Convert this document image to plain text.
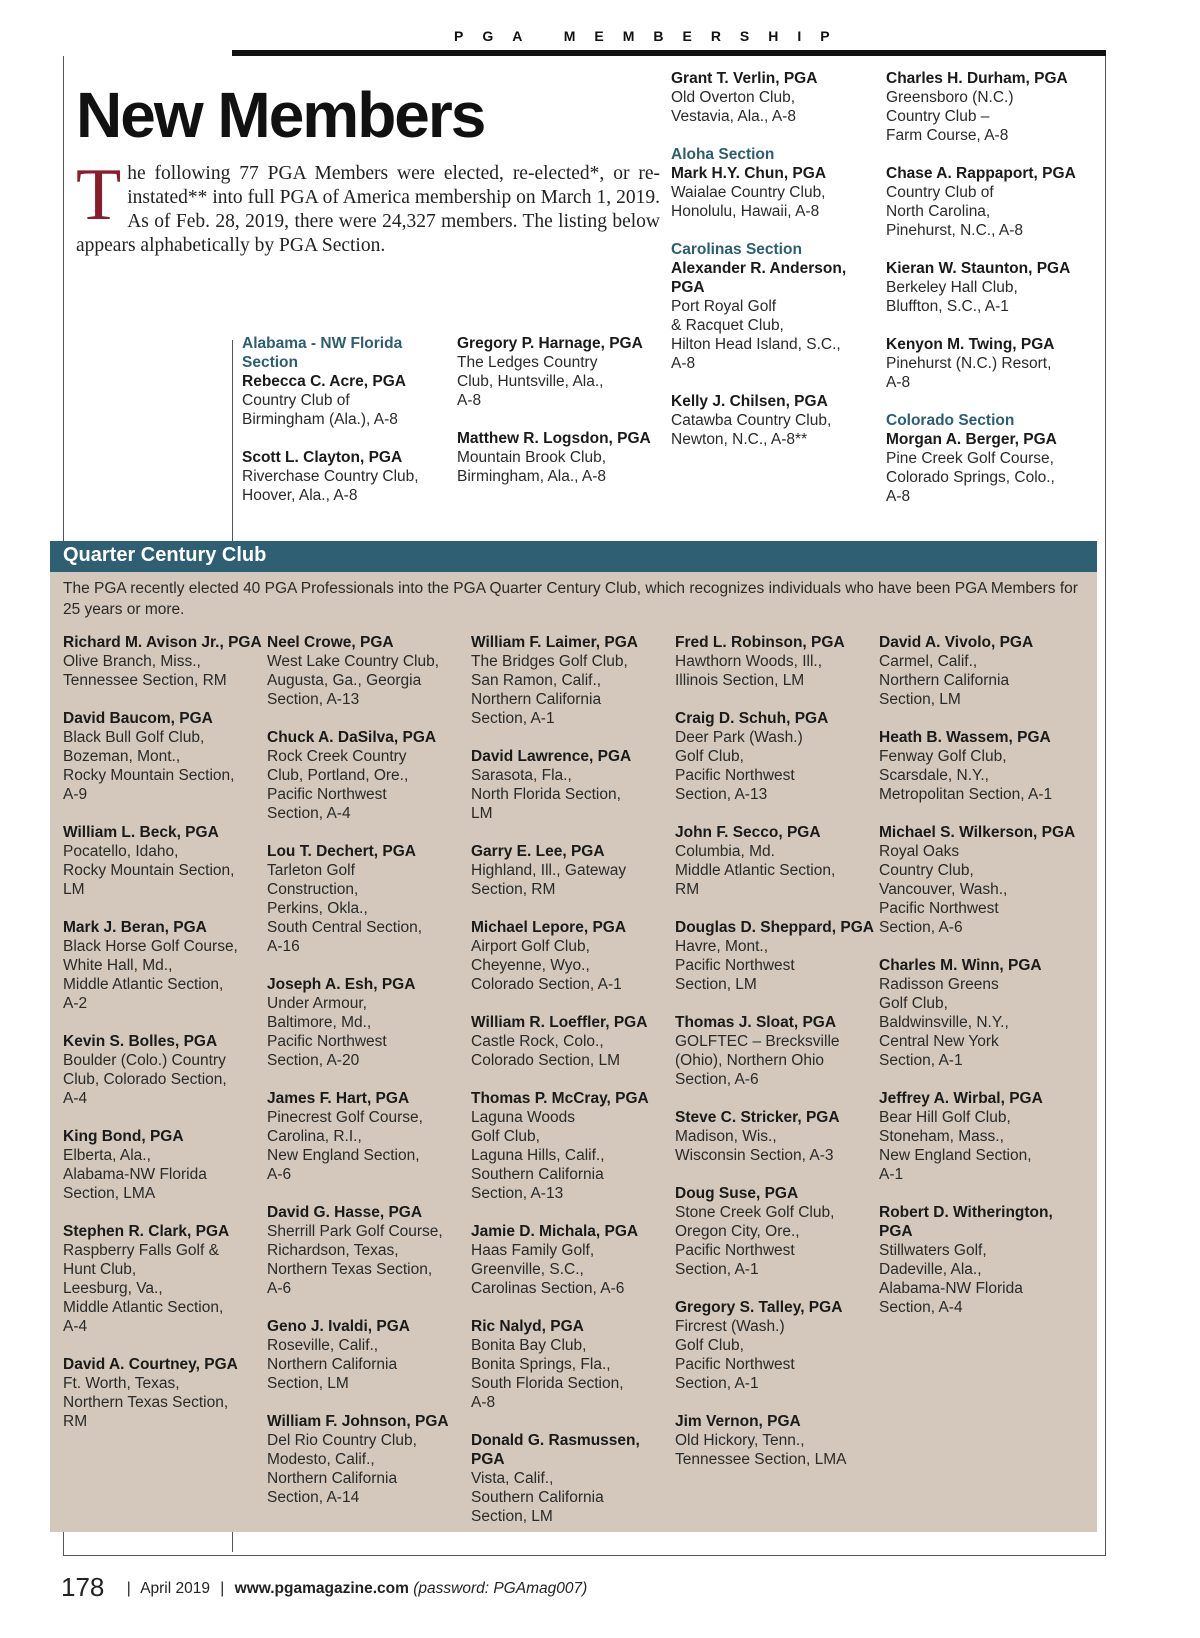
PGA MEMBERSHIP
New Members
The following 77 PGA Members were elected, re-elected*, or re-instated** into full PGA of America membership on March 1, 2019. As of Feb. 28, 2019, there were 24,327 members. The listing below appears alphabetically by PGA Section.
Alabama - NW Florida Section
Rebecca C. Acre, PGA
Country Club of
Birmingham (Ala.), A-8
Scott L. Clayton, PGA
Riverchase Country Club,
Hoover, Ala., A-8
Gregory P. Harnage, PGA
The Ledges Country
Club, Huntsville, Ala.,
A-8
Matthew R. Logsdon, PGA
Mountain Brook Club,
Birmingham, Ala., A-8
Grant T. Verlin, PGA
Old Overton Club,
Vestavia, Ala., A-8
Aloha Section
Mark H.Y. Chun, PGA
Waialae Country Club,
Honolulu, Hawaii, A-8
Carolinas Section
Alexander R. Anderson, PGA
Port Royal Golf
& Racquet Club,
Hilton Head Island, S.C.,
A-8
Kelly J. Chilsen, PGA
Catawba Country Club,
Newton, N.C., A-8**
Charles H. Durham, PGA
Greensboro (N.C.)
Country Club –
Farm Course, A-8
Chase A. Rappaport, PGA
Country Club of
North Carolina,
Pinehurst, N.C., A-8
Kieran W. Staunton, PGA
Berkeley Hall Club,
Bluffton, S.C., A-1
Kenyon M. Twing, PGA
Pinehurst (N.C.) Resort,
A-8
Colorado Section
Morgan A. Berger, PGA
Pine Creek Golf Course,
Colorado Springs, Colo.,
A-8
Quarter Century Club
The PGA recently elected 40 PGA Professionals into the PGA Quarter Century Club, which recognizes individuals who have been PGA Members for 25 years or more.
Richard M. Avison Jr., PGA
Olive Branch, Miss.,
Tennessee Section, RM
David Baucom, PGA
Black Bull Golf Club,
Bozeman, Mont.,
Rocky Mountain Section,
A-9
William L. Beck, PGA
Pocatello, Idaho,
Rocky Mountain Section,
LM
Mark J. Beran, PGA
Black Horse Golf Course,
White Hall, Md.,
Middle Atlantic Section,
A-2
Kevin S. Bolles, PGA
Boulder (Colo.) Country
Club, Colorado Section,
A-4
King Bond, PGA
Elberta, Ala.,
Alabama-NW Florida
Section, LMA
Stephen R. Clark, PGA
Raspberry Falls Golf &
Hunt Club,
Leesburg, Va.,
Middle Atlantic Section,
A-4
David A. Courtney, PGA
Ft. Worth, Texas,
Northern Texas Section,
RM
Neel Crowe, PGA
West Lake Country Club,
Augusta, Ga., Georgia
Section, A-13
Chuck A. DaSilva, PGA
Rock Creek Country
Club, Portland, Ore.,
Pacific Northwest
Section, A-4
Lou T. Dechert, PGA
Tarleton Golf
Construction,
Perkins, Okla.,
South Central Section,
A-16
Joseph A. Esh, PGA
Under Armour,
Baltimore, Md.,
Pacific Northwest
Section, A-20
James F. Hart, PGA
Pinecrest Golf Course,
Carolina, R.I.,
New England Section,
A-6
David G. Hasse, PGA
Sherrill Park Golf Course,
Richardson, Texas,
Northern Texas Section,
A-6
Geno J. Ivaldi, PGA
Roseville, Calif.,
Northern California
Section, LM
William F. Johnson, PGA
Del Rio Country Club,
Modesto, Calif.,
Northern California
Section, A-14
William F. Laimer, PGA
The Bridges Golf Club,
San Ramon, Calif.,
Northern California
Section, A-1
David Lawrence, PGA
Sarasota, Fla.,
North Florida Section,
LM
Garry E. Lee, PGA
Highland, Ill., Gateway
Section, RM
Michael Lepore, PGA
Airport Golf Club,
Cheyenne, Wyo.,
Colorado Section, A-1
William R. Loeffler, PGA
Castle Rock, Colo.,
Colorado Section, LM
Thomas P. McCray, PGA
Laguna Woods
Golf Club,
Laguna Hills, Calif.,
Southern California
Section, A-13
Jamie D. Michala, PGA
Haas Family Golf,
Greenville, S.C.,
Carolinas Section, A-6
Ric Nalyd, PGA
Bonita Bay Club,
Bonita Springs, Fla.,
South Florida Section,
A-8
Donald G. Rasmussen, PGA
Vista, Calif.,
Southern California
Section, LM
Fred L. Robinson, PGA
Hawthorn Woods, Ill.,
Illinois Section, LM
Craig D. Schuh, PGA
Deer Park (Wash.)
Golf Club,
Pacific Northwest
Section, A-13
John F. Secco, PGA
Columbia, Md.
Middle Atlantic Section,
RM
Douglas D. Sheppard, PGA
Havre, Mont.,
Pacific Northwest
Section, LM
Thomas J. Sloat, PGA
GOLFTEC – Brecksville
(Ohio), Northern Ohio
Section, A-6
Steve C. Stricker, PGA
Madison, Wis.,
Wisconsin Section, A-3
Doug Suse, PGA
Stone Creek Golf Club,
Oregon City, Ore.,
Pacific Northwest
Section, A-1
Gregory S. Talley, PGA
Fircrest (Wash.)
Golf Club,
Pacific Northwest
Section, A-1
Jim Vernon, PGA
Old Hickory, Tenn.,
Tennessee Section, LMA
David A. Vivolo, PGA
Carmel, Calif.,
Northern California
Section, LM
Heath B. Wassem, PGA
Fenway Golf Club,
Scarsdale, N.Y.,
Metropolitan Section, A-1
Michael S. Wilkerson, PGA
Royal Oaks
Country Club,
Vancouver, Wash.,
Pacific Northwest
Section, A-6
Charles M. Winn, PGA
Radisson Greens
Golf Club,
Baldwinsville, N.Y.,
Central New York
Section, A-1
Jeffrey A. Wirbal, PGA
Bear Hill Golf Club,
Stoneham, Mass.,
New England Section,
A-1
Robert D. Witherington, PGA
Stillwaters Golf,
Dadeville, Ala.,
Alabama-NW Florida
Section, A-4
178 | April 2019 | www.pgamagazine.com (password: PGAmag007)
